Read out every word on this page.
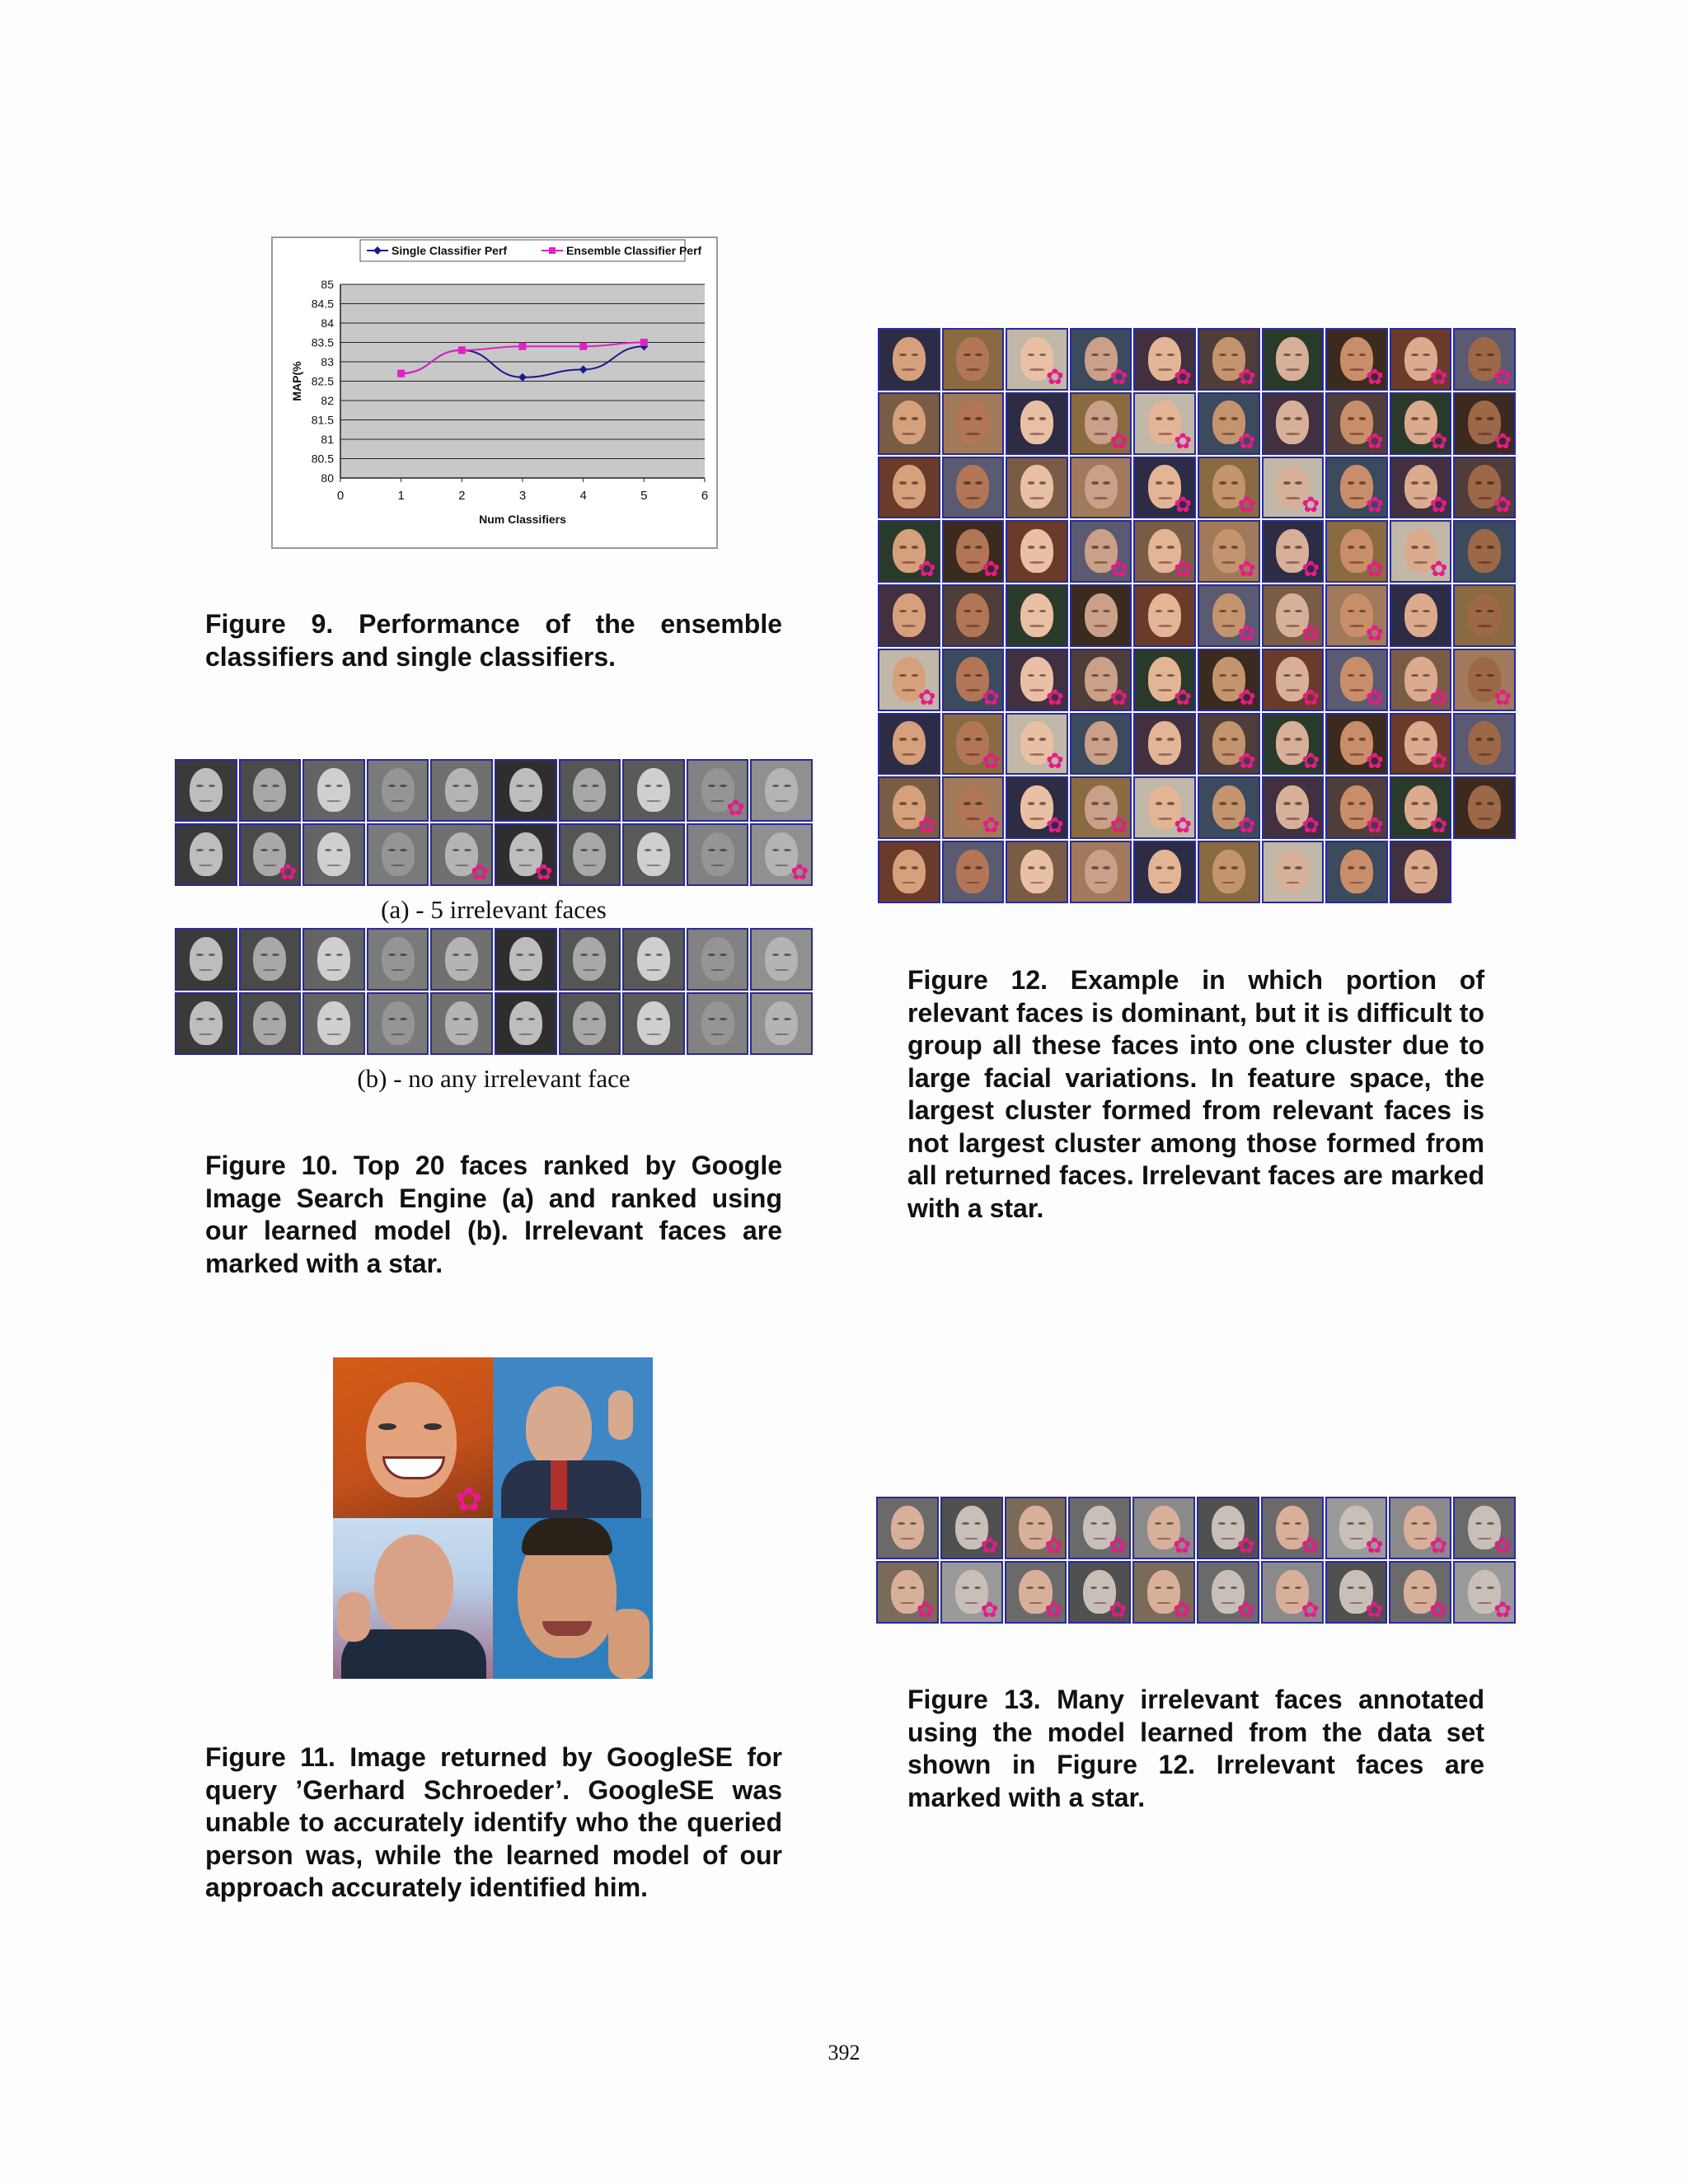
80
80.5
81
81.5
82
82.5
83
83.5
84
84.5
85
0	1	2	3	4	5	6
Num Classifiers
MAP(%
Single Classifier Perf	Ensemble Classifier Perf

Figure 9. Performance of the ensemble classifiers and single classifiers.

✿
✿	✿ ✿	✿

(a) - 5 irrelevant faces

(b) - no any irrelevant face

Figure 10. Top 20 faces ranked by Google Image Search Engine (a) and ranked using our learned model (b). Irrelevant faces are marked with a star.

✿

Figure 11. Image returned by GoogleSE for query ’Gerhard Schroeder’. GoogleSE was unable to accurately identify who the queried person was, while the learned model of our approach accurately identified him.

✿ ✿ ✿ ✿	✿ ✿ ✿
✿ ✿ ✿	✿ ✿ ✿
✿ ✿ ✿ ✿ ✿ ✿
✿ ✿	✿ ✿ ✿ ✿ ✿ ✿
✿ ✿ ✿
✿ ✿ ✿ ✿ ✿ ✿ ✿ ✿ ✿ ✿
✿ ✿	✿ ✿ ✿ ✿
✿ ✿ ✿ ✿ ✿ ✿ ✿ ✿ ✿

Figure 12. Example in which portion of relevant faces is dominant, but it is difficult to group all these faces into one cluster due to large facial variations. In feature space, the largest cluster formed from relevant faces is not largest cluster among those formed from all returned faces. Irrelevant faces are marked with a star.

✿ ✿ ✿ ✿ ✿ ✿ ✿ ✿ ✿
✿ ✿ ✿ ✿ ✿ ✿ ✿ ✿ ✿ ✿

Figure 13. Many irrelevant faces annotated using the model learned from the data set shown in Figure 12. Irrelevant faces are marked with a star.

392
